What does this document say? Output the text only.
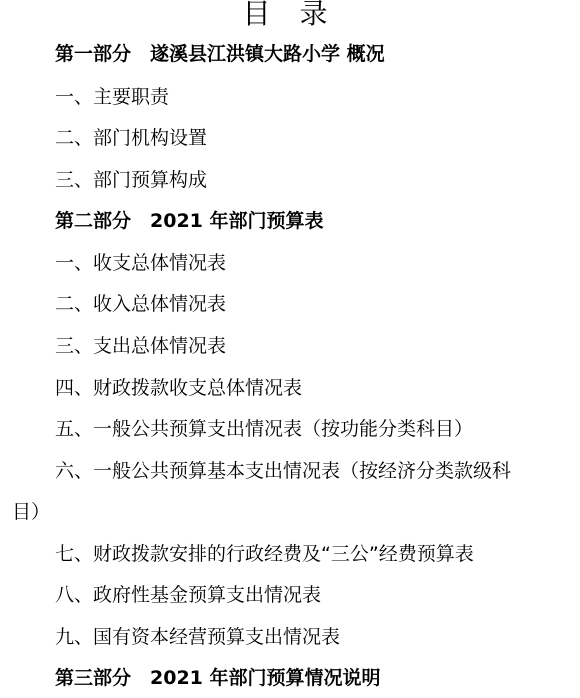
目 录
第一部分　遂溪县江洪镇大路小学 概况
一、主要职责
二、部门机构设置
三、部门预算构成
第二部分　2021 年部门预算表
一、收支总体情况表
二、收入总体情况表
三、支出总体情况表
四、财政拨款收支总体情况表
五、一般公共预算支出情况表（按功能分类科目）
六、一般公共预算基本支出情况表（按经济分类款级科
目）
七、财政拨款安排的行政经费及“三公”经费预算表
八、政府性基金预算支出情况表
九、国有资本经营预算支出情况表
第三部分　2021 年部门预算情况说明
